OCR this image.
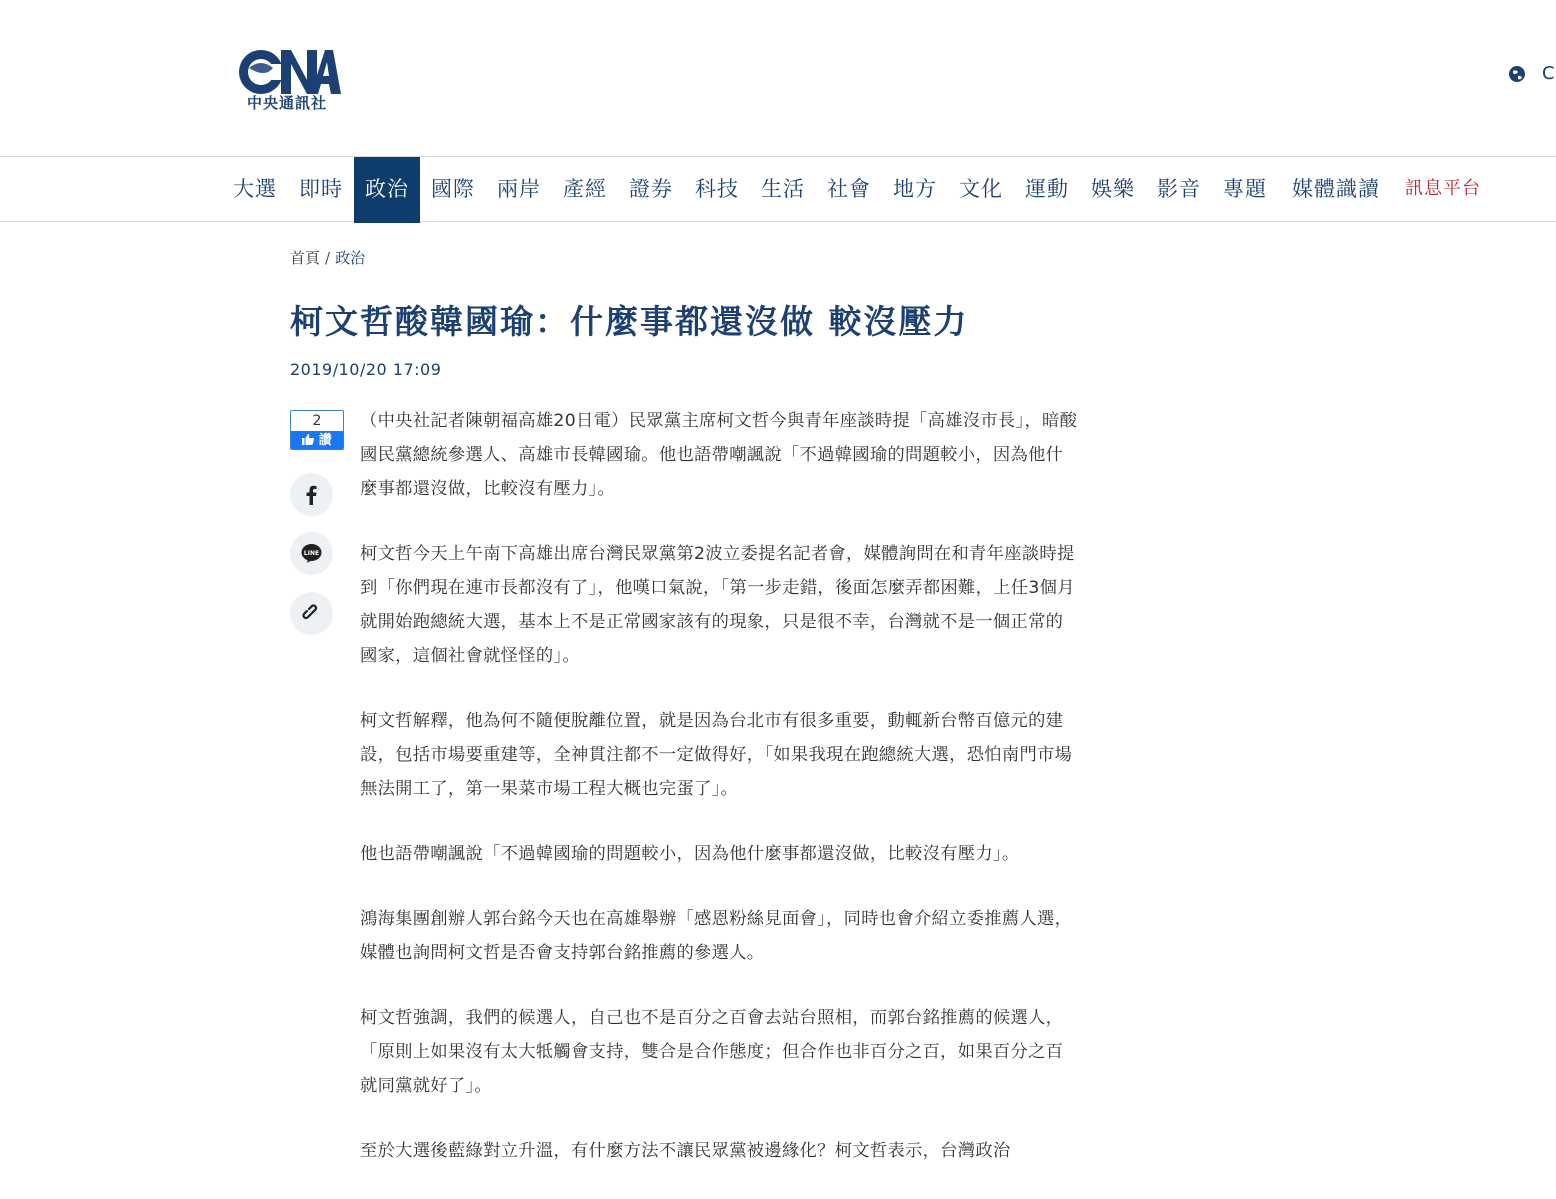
中央通訊社
C
大選	即時	政治	國際	兩岸	產經	證券	科技	生活	社會	地方	文化	運動	娛樂	影音	專題	媒體識讀	訊息平台
首頁 / 政治
柯文哲酸韓國瑜：什麼事都還沒做 較沒壓力
2019/10/20 17:09
2
讚
LINE

（中央社記者陳朝福高雄20日電）民眾黨主席柯文哲今與青年座談時提「高雄沒市長」，暗酸國民黨總統參選人、高雄市長韓國瑜。他也語帶嘲諷說「不過韓國瑜的問題較小，因為他什麼事都還沒做，比較沒有壓力」。

柯文哲今天上午南下高雄出席台灣民眾黨第2波立委提名記者會，媒體詢問在和青年座談時提到「你們現在連市長都沒有了」，他嘆口氣說，「第一步走錯，後面怎麼弄都困難，上任3個月就開始跑總統大選，基本上不是正常國家該有的現象，只是很不幸，台灣就不是一個正常的國家，這個社會就怪怪的」。

柯文哲解釋，他為何不隨便脫離位置，就是因為台北市有很多重要，動輒新台幣百億元的建設，包括市場要重建等，全神貫注都不一定做得好，「如果我現在跑總統大選，恐怕南門市場無法開工了，第一果菜市場工程大概也完蛋了」。

他也語帶嘲諷說「不過韓國瑜的問題較小，因為他什麼事都還沒做，比較沒有壓力」。

鴻海集團創辦人郭台銘今天也在高雄舉辦「感恩粉絲見面會」，同時也會介紹立委推薦人選，媒體也詢問柯文哲是否會支持郭台銘推薦的參選人。

柯文哲強調，我們的候選人，自己也不是百分之百會去站台照相，而郭台銘推薦的候選人，「原則上如果沒有太大牴觸會支持，雙合是合作態度；但合作也非百分之百，如果百分之百就同黨就好了」。

至於大選後藍綠對立升溫，有什麼方法不讓民眾黨被邊緣化？柯文哲表示，台灣政治
